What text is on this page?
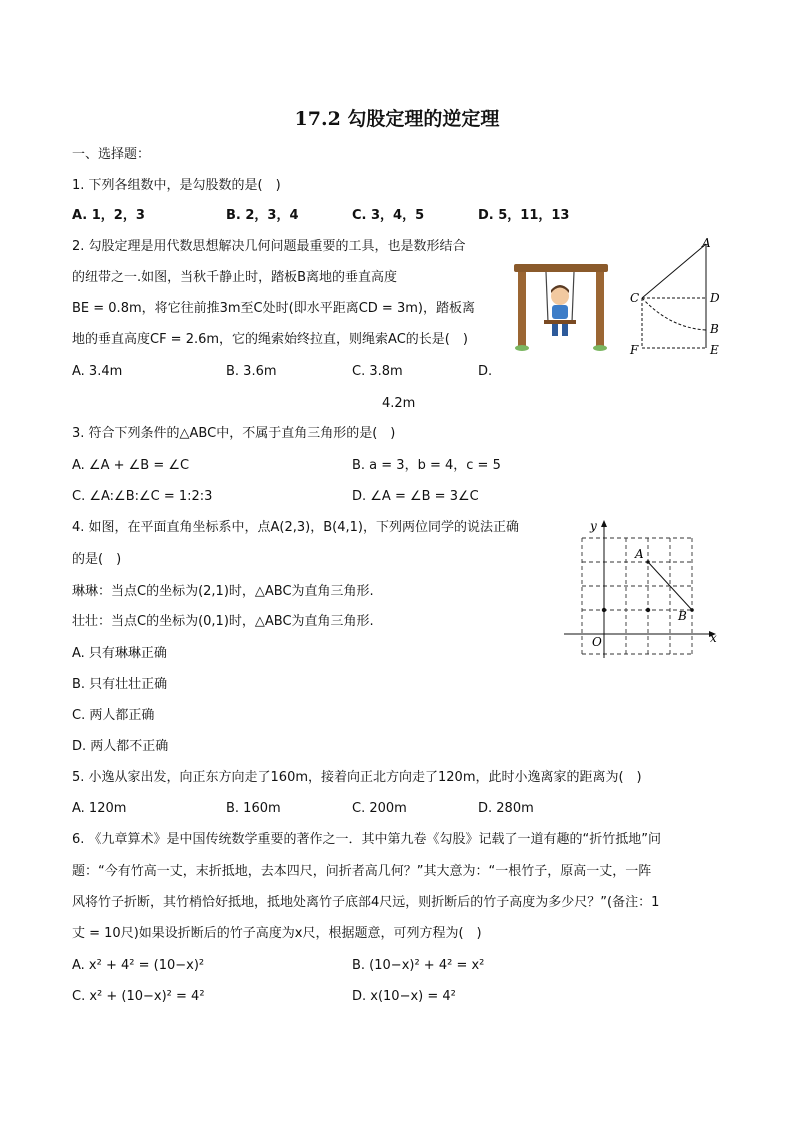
17.2 勾股定理的逆定理
一、选择题：
1. 下列各组数中，是勾股数的是(　)
A. 1，2，3	B. 2，3，4	C. 3，4，5	D. 5，11，13
2. 勾股定理是用代数思想解决几何问题最重要的工具，也是数形结合
的纽带之一.如图，当秋千静止时，踏板B离地的垂直高度
BE = 0.8m，将它往前推3m至C处时(即水平距离CD = 3m)，踏板离
地的垂直高度CF = 2.6m，它的绳索始终拉直，则绳索AC的长是(　)
A. 3.4m	B. 3.6m	C. 3.8m	D.
4.2m
A
C	D
B
F	E
3. 符合下列条件的△ABC中，不属于直角三角形的是(　)
A. ∠A + ∠B = ∠C	B. a = 3，b = 4，c = 5
C. ∠A:∠B:∠C = 1:2:3	D. ∠A = ∠B = 3∠C
4. 如图，在平面直角坐标系中，点A(2,3)，B(4,1)，下列两位同学的说法正确
的是(　)
琳琳：当点C的坐标为(2,1)时，△ABC为直角三角形.
壮壮：当点C的坐标为(0,1)时，△ABC为直角三角形.
A. 只有琳琳正确
B. 只有壮壮正确
C. 两人都正确
D. 两人都不正确
y
x
O
A
B
5. 小逸从家出发，向正东方向走了160m，接着向正北方向走了120m，此时小逸离家的距离为(　)
A. 120m	B. 160m	C. 200m	D. 280m
6. 《九章算术》是中国传统数学重要的著作之一．其中第九卷《勾股》记载了一道有趣的“折竹抵地”问
题：“今有竹高一丈，末折抵地，去本四尺，问折者高几何？”其大意为：“一根竹子，原高一丈，一阵
风将竹子折断，其竹梢恰好抵地，抵地处离竹子底部4尺远，则折断后的竹子高度为多少尺？”(备注：1
丈 = 10尺)如果设折断后的竹子高度为x尺，根据题意，可列方程为(　)
A. x² + 4² = (10−x)²	B. (10−x)² + 4² = x²
C. x² + (10−x)² = 4²	D. x(10−x) = 4²
